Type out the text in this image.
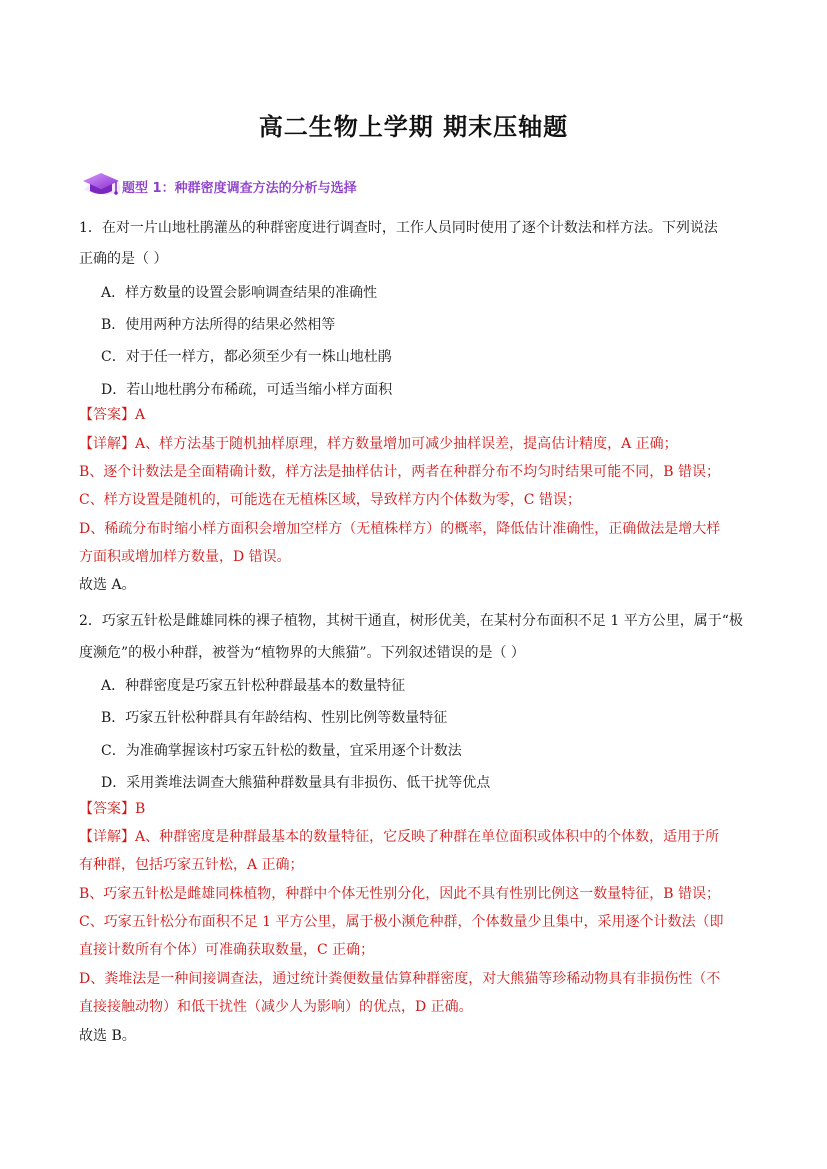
高二生物上学期 期末压轴题
题型 1：种群密度调查方法的分析与选择
1．在对一片山地杜鹃灌丛的种群密度进行调查时，工作人员同时使用了逐个计数法和样方法。下列说法
正确的是（ ）
A．样方数量的设置会影响调查结果的准确性
B．使用两种方法所得的结果必然相等
C．对于任一样方，都必须至少有一株山地杜鹃
D．若山地杜鹃分布稀疏，可适当缩小样方面积
【答案】A
【详解】A、样方法基于随机抽样原理，样方数量增加可减少抽样误差，提高估计精度，A 正确；
B、逐个计数法是全面精确计数，样方法是抽样估计，两者在种群分布不均匀时结果可能不同，B 错误；
C、样方设置是随机的，可能选在无植株区域，导致样方内个体数为零，C 错误；
D、稀疏分布时缩小样方面积会增加空样方（无植株样方）的概率，降低估计准确性，正确做法是增大样
方面积或增加样方数量，D 错误。
故选 A。
2．巧家五针松是雌雄同株的裸子植物，其树干通直，树形优美，在某村分布面积不足 1 平方公里，属于“极
度濒危”的极小种群，被誉为“植物界的大熊猫”。下列叙述错误的是（ ）
A．种群密度是巧家五针松种群最基本的数量特征
B．巧家五针松种群具有年龄结构、性别比例等数量特征
C．为准确掌握该村巧家五针松的数量，宜采用逐个计数法
D．采用粪堆法调查大熊猫种群数量具有非损伤、低干扰等优点
【答案】B
【详解】A、种群密度是种群最基本的数量特征，它反映了种群在单位面积或体积中的个体数，适用于所
有种群，包括巧家五针松，A 正确；
B、巧家五针松是雌雄同株植物，种群中个体无性别分化，因此不具有性别比例这一数量特征，B 错误；
C、巧家五针松分布面积不足 1 平方公里，属于极小濒危种群，个体数量少且集中，采用逐个计数法（即
直接计数所有个体）可准确获取数量，C 正确；
D、粪堆法是一种间接调查法，通过统计粪便数量估算种群密度，对大熊猫等珍稀动物具有非损伤性（不
直接接触动物）和低干扰性（减少人为影响）的优点，D 正确。
故选 B。
